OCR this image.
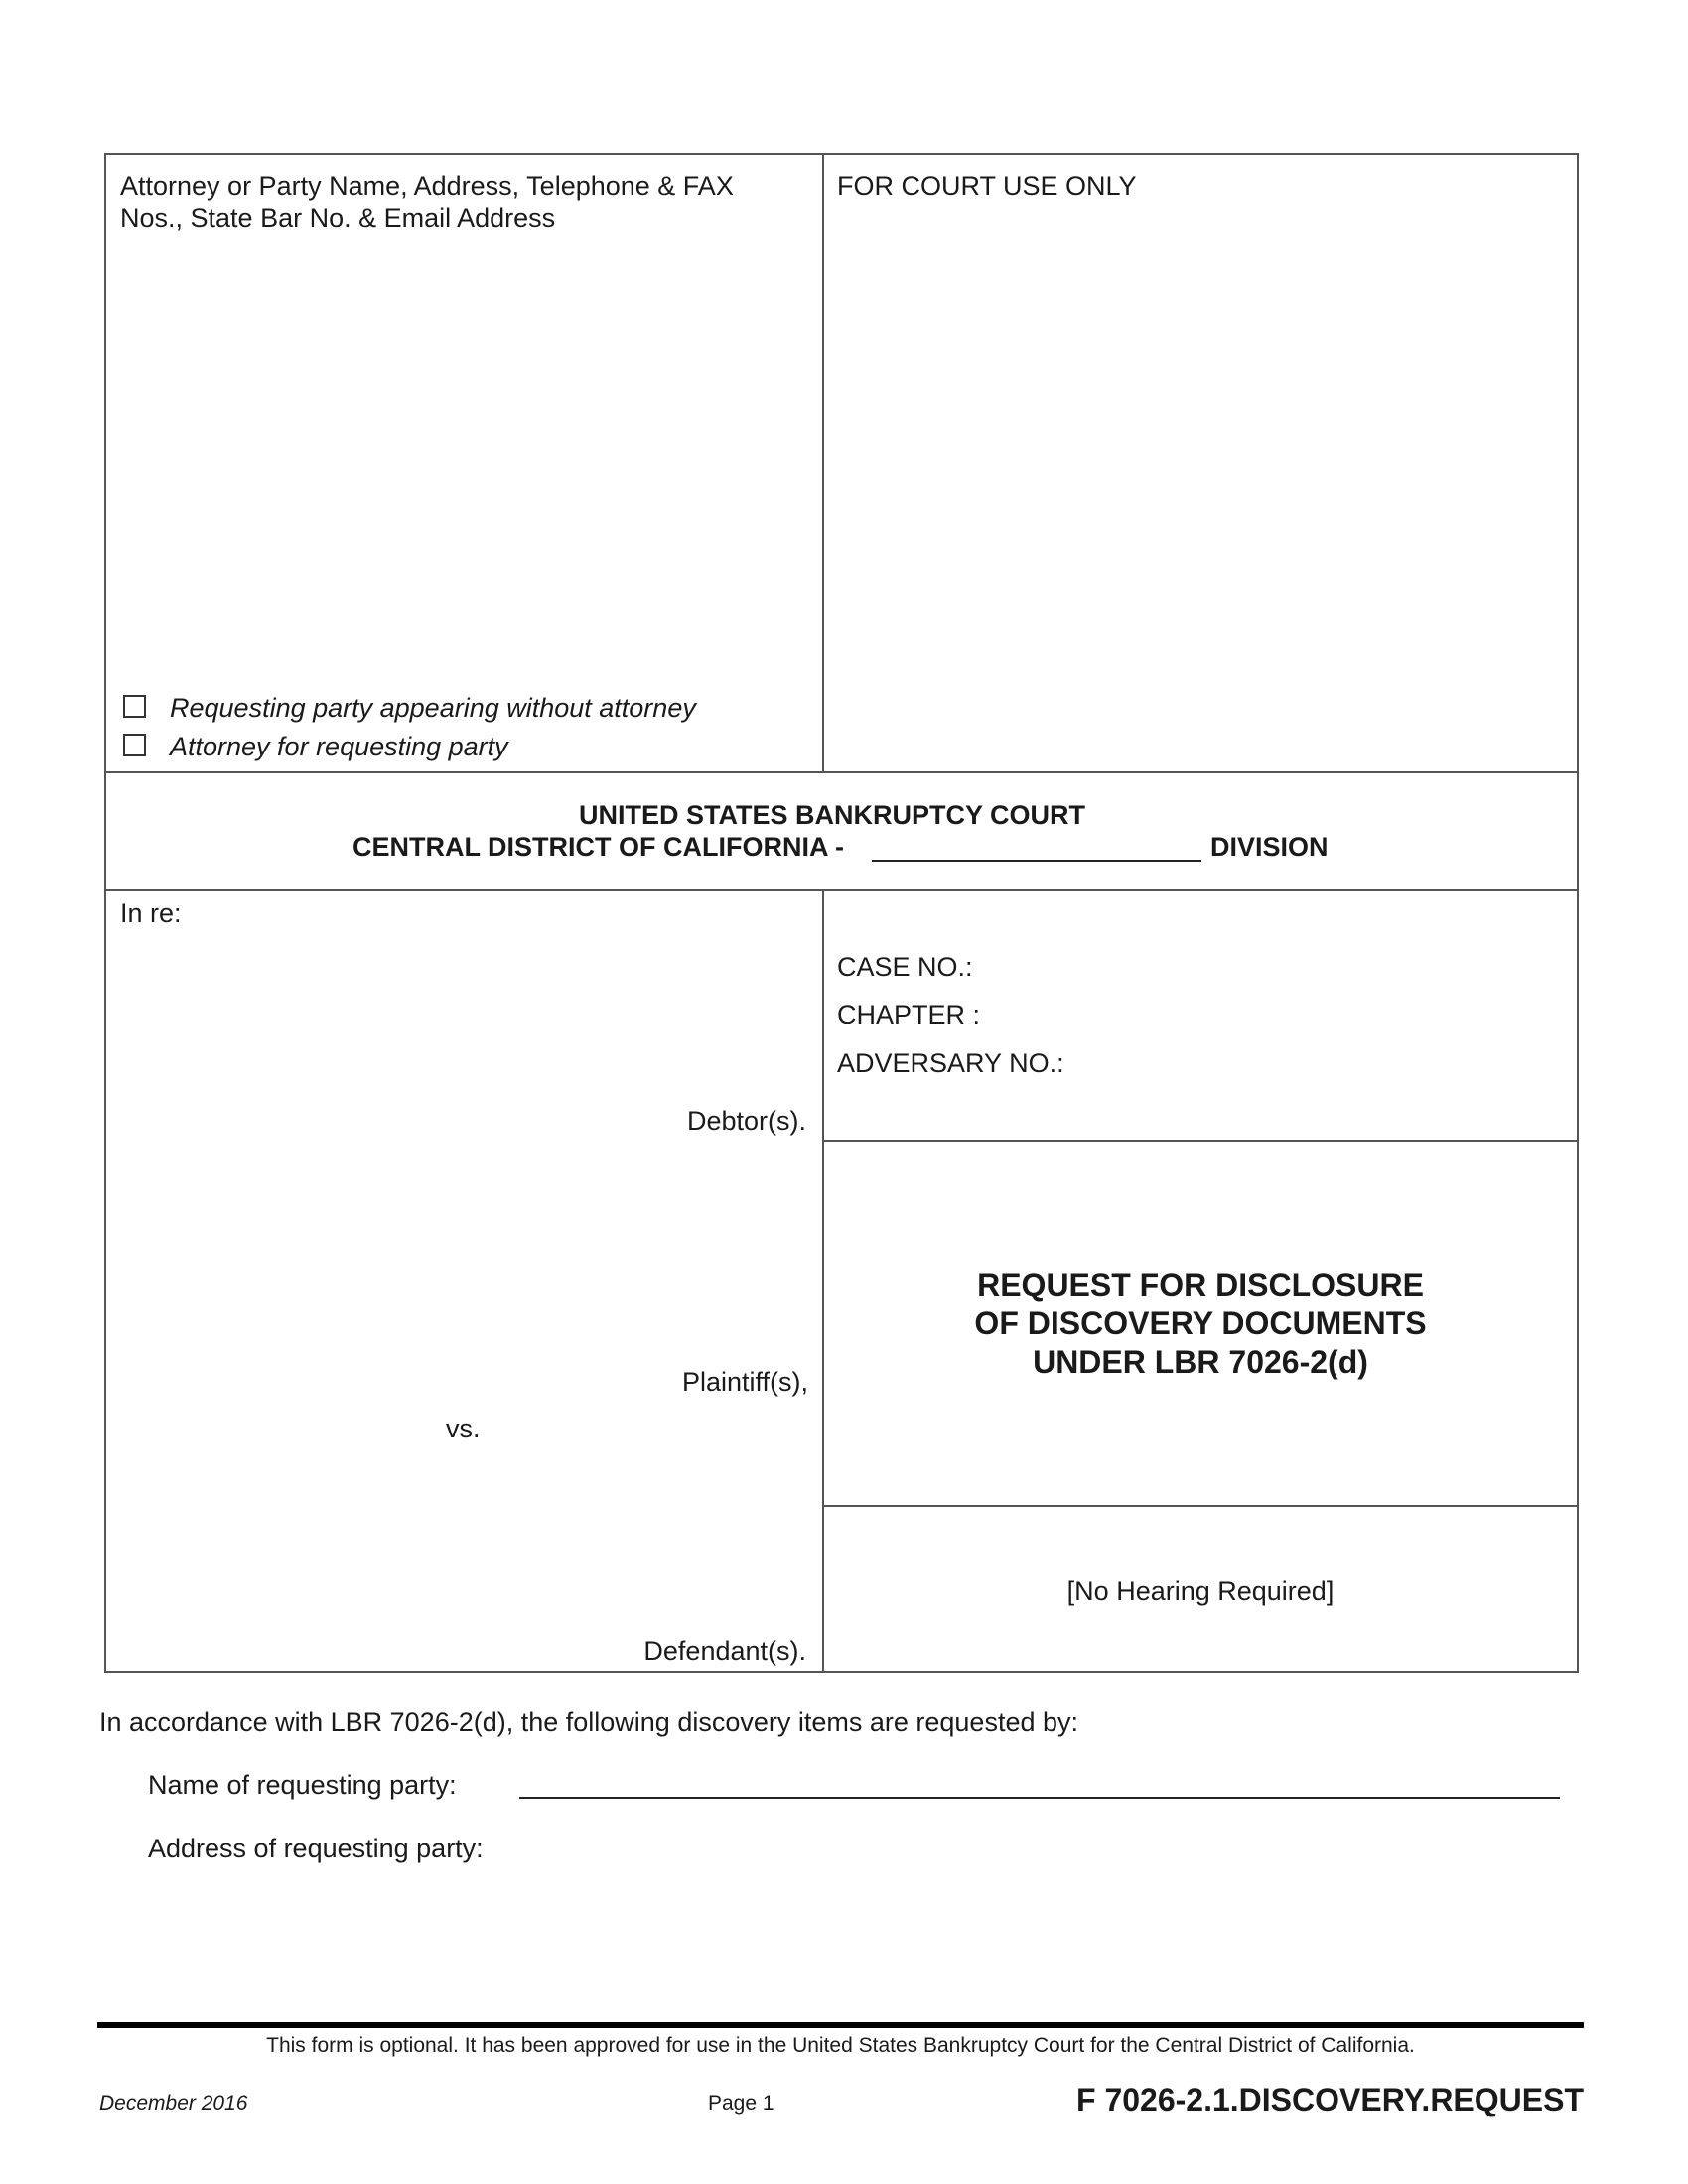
Attorney or Party Name, Address, Telephone & FAX
Nos., State Bar No. & Email Address
Requesting party appearing without attorney
Attorney for requesting party
FOR COURT USE ONLY
UNITED STATES BANKRUPTCY COURT
CENTRAL DISTRICT OF CALIFORNIA -	DIVISION
In re:
Debtor(s).
Plaintiff(s),
vs.
Defendant(s).
CASE NO.:
CHAPTER :
ADVERSARY NO.:
REQUEST FOR DISCLOSURE
OF DISCOVERY DOCUMENTS
UNDER LBR 7026-2(d)
[No Hearing Required]
In accordance with LBR 7026-2(d), the following discovery items are requested by:
Name of requesting party:
Address of requesting party:
This form is optional. It has been approved for use in the United States Bankruptcy Court for the Central District of California.
December 2016	Page 1	F 7026-2.1.DISCOVERY.REQUEST
